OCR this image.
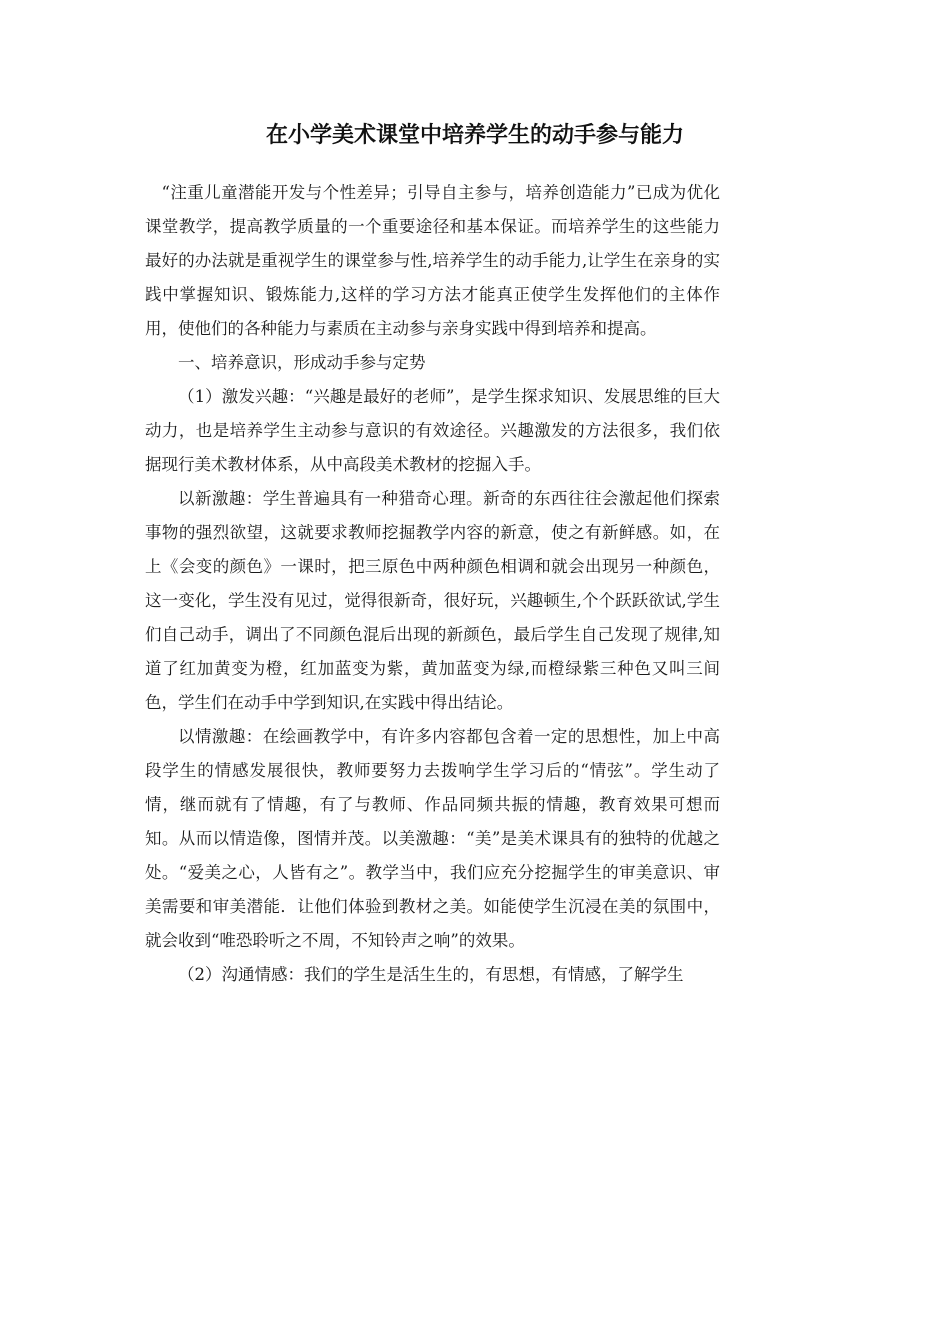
在小学美术课堂中培养学生的动手参与能力

“注重儿童潜能开发与个性差异；引导自主参与，培养创造能力”已成为优化课堂教学，提高教学质量的一个重要途径和基本保证。而培养学生的这些能力最好的办法就是重视学生的课堂参与性,培养学生的动手能力,让学生在亲身的实践中掌握知识、锻炼能力,这样的学习方法才能真正使学生发挥他们的主体作用，使他们的各种能力与素质在主动参与亲身实践中得到培养和提高。

一、培养意识，形成动手参与定势

（1）激发兴趣：“兴趣是最好的老师”，是学生探求知识、发展思维的巨大动力，也是培养学生主动参与意识的有效途径。兴趣激发的方法很多，我们依据现行美术教材体系，从中高段美术教材的挖掘入手。

以新激趣：学生普遍具有一种猎奇心理。新奇的东西往往会激起他们探索事物的强烈欲望，这就要求教师挖掘教学内容的新意，使之有新鲜感。如，在上《会变的颜色》一课时，把三原色中两种颜色相调和就会出现另一种颜色，这一变化，学生没有见过，觉得很新奇，很好玩，兴趣顿生,个个跃跃欲试,学生们自己动手，调出了不同颜色混后出现的新颜色，最后学生自己发现了规律,知道了红加黄变为橙，红加蓝变为紫，黄加蓝变为绿,而橙绿紫三种色又叫三间色，学生们在动手中学到知识,在实践中得出结论。

以情激趣：在绘画教学中，有许多内容都包含着一定的思想性，加上中高段学生的情感发展很快，教师要努力去拨响学生学习后的“情弦”。学生动了情，继而就有了情趣，有了与教师、作品同频共振的情趣，教育效果可想而知。从而以情造像，图情并茂。以美激趣：“美”是美术课具有的独特的优越之处。“爱美之心，人皆有之”。教学当中，我们应充分挖掘学生的审美意识、审美需要和审美潜能．让他们体验到教材之美。如能使学生沉浸在美的氛围中，就会收到“唯恐聆听之不周，不知铃声之响”的效果。

（2）沟通情感：我们的学生是活生生的，有思想，有情感，了解学生
